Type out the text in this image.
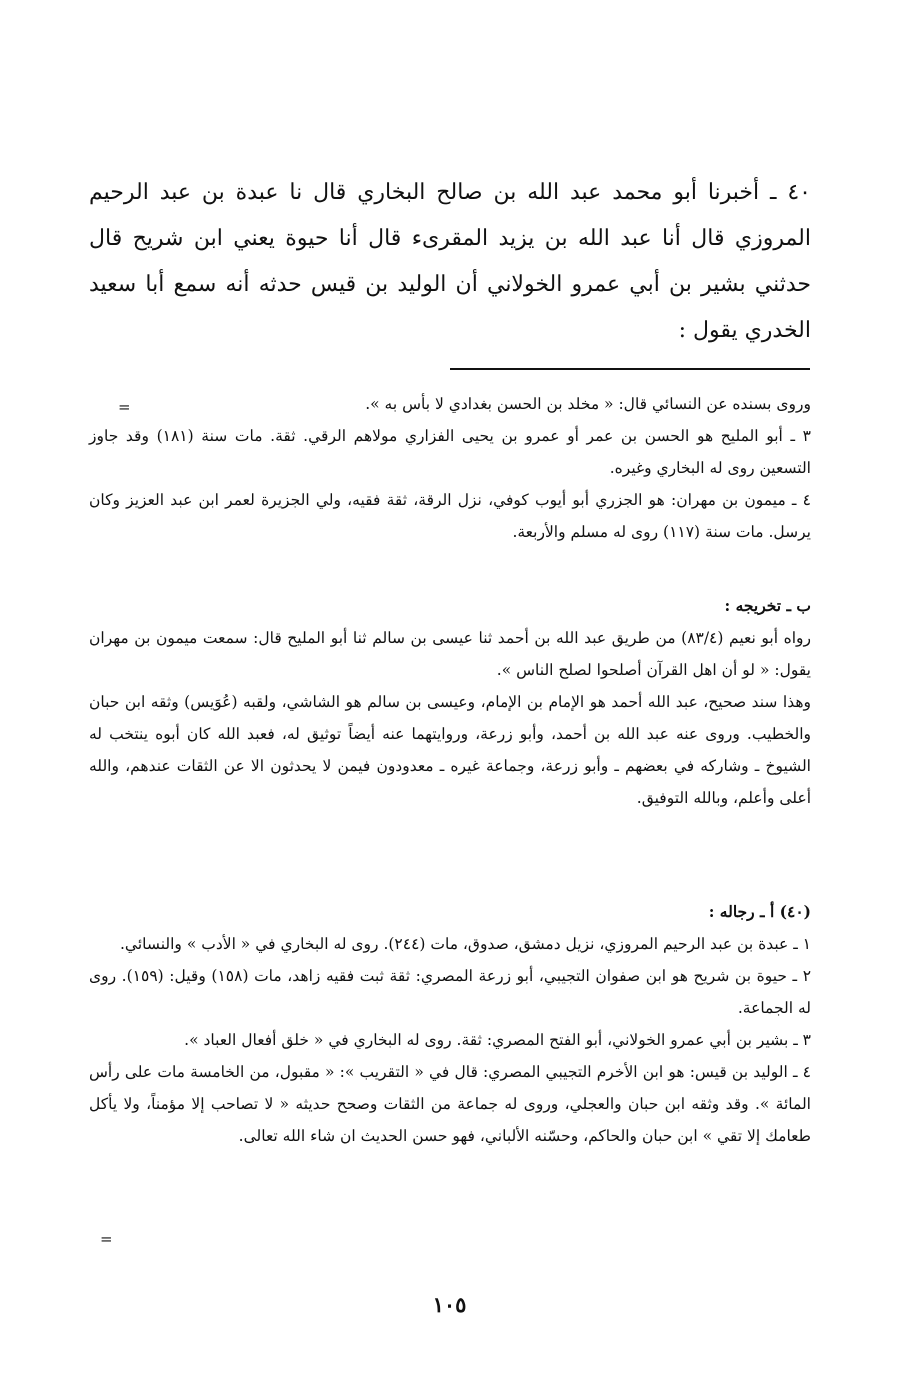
٤٠ ـ أخبرنا أبو محمد عبد الله بن صالح البخاري قال نا عبدة بن عبد الرحيم المروزي قال أنا عبد الله بن يزيد المقرىء قال أنا حيوة يعني ابن شريح قال حدثني بشير بن أبي عمرو الخولاني أن الوليد بن قيس حدثه أنه سمع أبا سعيد الخدري يقول :
=	وروى بسنده عن النسائي قال: « مخلد بن الحسن بغدادي لا بأس به ».

٣ ـ أبو المليح هو الحسن بن عمر أو عمرو بن يحيى الفزاري مولاهم الرقي. ثقة. مات سنة (١٨١) وقد جاوز التسعين روى له البخاري وغيره.

٤ ـ ميمون بن مهران: هو الجزري أبو أيوب كوفي، نزل الرقة، ثقة فقيه، ولي الجزيرة لعمر ابن عبد العزيز وكان يرسل. مات سنة (١١٧) روى له مسلم والأربعة.

ب ـ تخريجه :

رواه أبو نعيم (٨٣/٤) من طريق عبد الله بن أحمد ثنا عيسى بن سالم ثنا أبو المليح قال: سمعت ميمون بن مهران يقول: « لو أن اهل القرآن أصلحوا لصلح الناس ».

وهذا سند صحيح، عبد الله أحمد هو الإمام بن الإمام، وعيسى بن سالم هو الشاشي، ولقبه (عُوَيس) وثقه ابن حبان والخطيب. وروى عنه عبد الله بن أحمد، وأبو زرعة، وروايتهما عنه أيضاً توثيق له، فعبد الله كان أبوه ينتخب له الشيوخ ـ وشاركه في بعضهم ـ وأبو زرعة، وجماعة غيره ـ معدودون فيمن لا يحدثون الا عن الثقات عندهم، والله أعلى وأعلم، وبالله التوفيق.

(٤٠) أ ـ رجاله :

١ ـ عبدة بن عبد الرحيم المروزي، نزيل دمشق، صدوق، مات (٢٤٤). روى له البخاري في « الأدب » والنسائي.

٢ ـ حيوة بن شريح هو ابن صفوان التجيبي، أبو زرعة المصري: ثقة ثبت فقيه زاهد، مات (١٥٨) وقيل: (١٥٩). روى له الجماعة.

٣ ـ بشير بن أبي عمرو الخولاني، أبو الفتح المصري: ثقة. روى له البخاري في « خلق أفعال العباد ».

٤ ـ الوليد بن قيس: هو ابن الأخرم التجيبي المصري: قال في « التقريب »: « مقبول، من الخامسة مات على رأس المائة ». وقد وثقه ابن حبان والعجلي، وروى له جماعة من الثقات وصحح حديثه « لا تصاحب إلا مؤمناً، ولا يأكل طعامك إلا تقي » ابن حبان والحاكم، وحسّنه الألباني، فهو حسن الحديث ان شاء الله تعالى.

=
١٠٥
